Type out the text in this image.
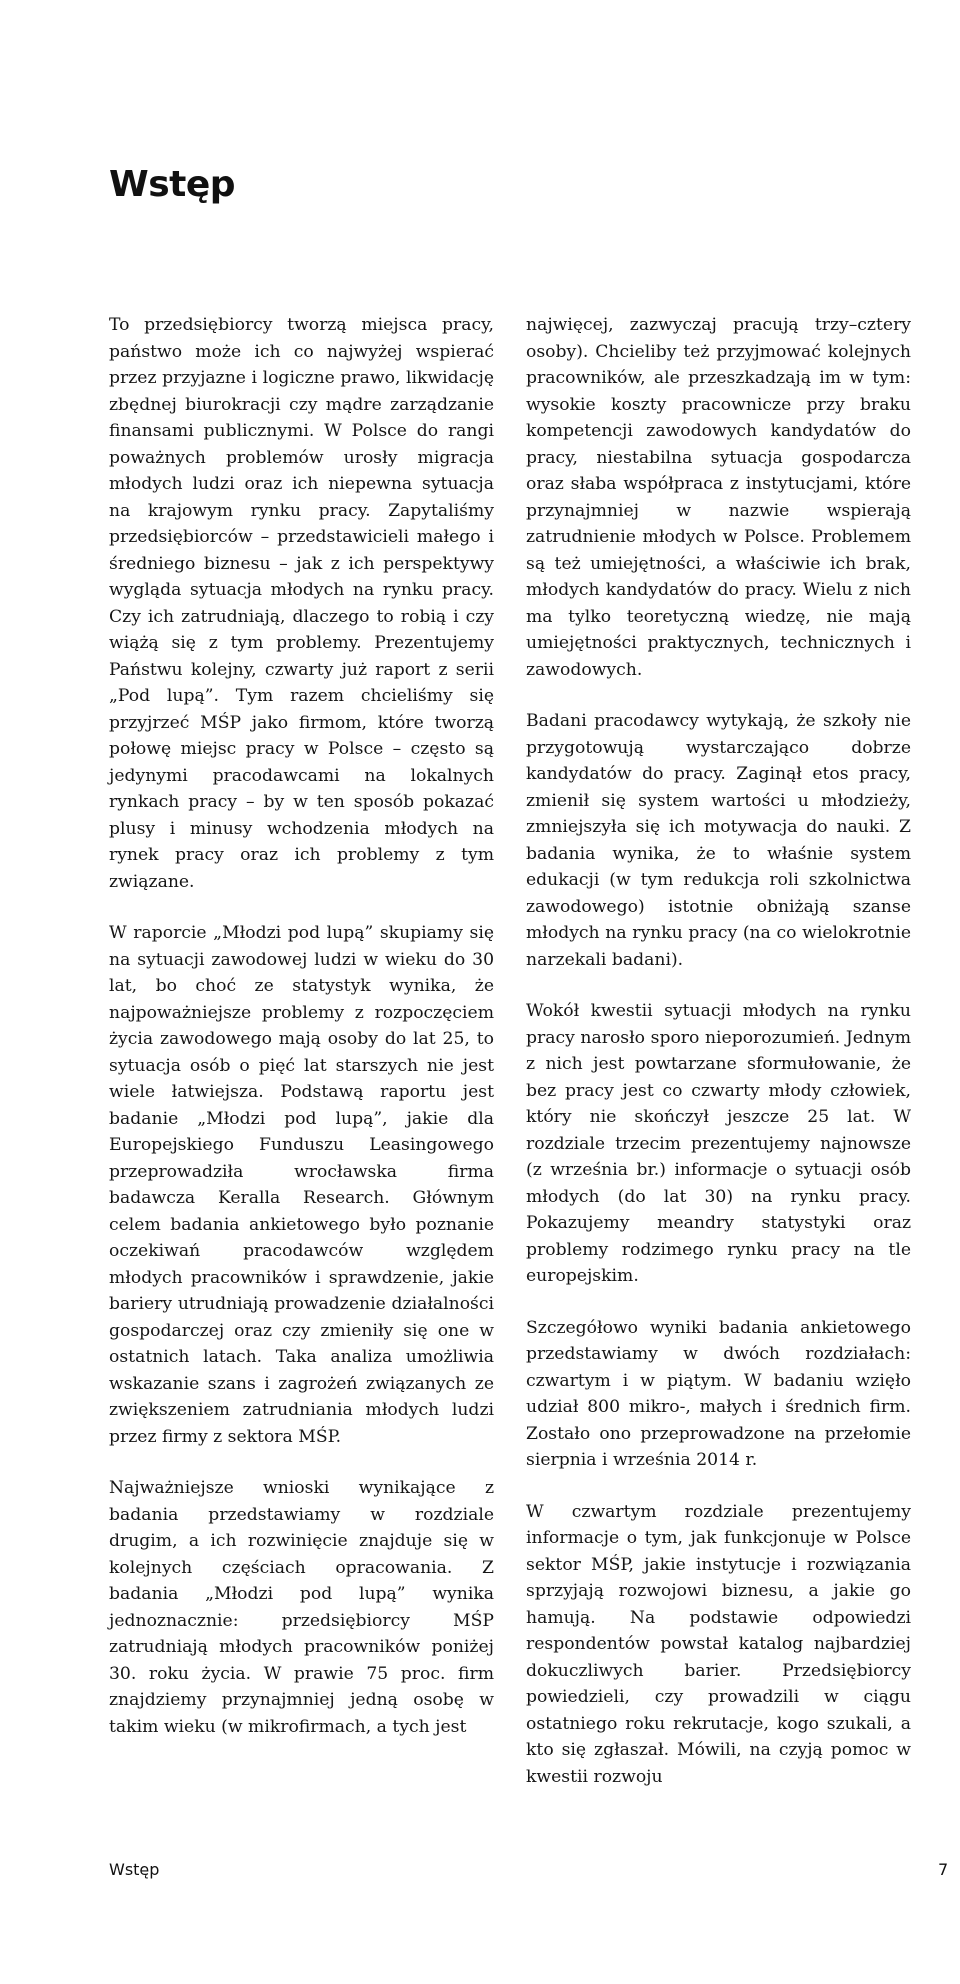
Wstęp

To przedsiębiorcy tworzą miejsca pracy, państwo może ich co najwyżej wspierać przez przyjazne i logiczne prawo, likwidację zbędnej biurokracji czy mądre zarządzanie finansami publicznymi. W Polsce do rangi poważnych problemów urosły migracja młodych ludzi oraz ich niepewna sytuacja na krajowym rynku pracy. Zapytaliśmy przedsiębiorców – przedstawicieli małego i średniego biznesu – jak z ich perspektywy wygląda sytuacja młodych na rynku pracy. Czy ich zatrudniają, dlaczego to robią i czy wiążą się z tym problemy. Prezentujemy Państwu kolejny, czwarty już raport z serii „Pod lupą”. Tym razem chcieliśmy się przyjrzeć MŚP jako firmom, które tworzą połowę miejsc pracy w Polsce – często są jedynymi pracodawcami na lokalnych rynkach pracy – by w ten sposób pokazać plusy i minusy wchodzenia młodych na rynek pracy oraz ich problemy z tym związane.

W raporcie „Młodzi pod lupą” skupiamy się na sytuacji zawodowej ludzi w wieku do 30 lat, bo choć ze statystyk wynika, że najpoważniejsze problemy z rozpoczęciem życia zawodowego mają osoby do lat 25, to sytuacja osób o pięć lat starszych nie jest wiele łatwiejsza. Podstawą raportu jest badanie „Młodzi pod lupą”, jakie dla Europejskiego Funduszu Leasingowego przeprowadziła wrocławska firma badawcza Keralla Research. Głównym celem badania ankietowego było poznanie oczekiwań pracodawców względem młodych pracowników i sprawdzenie, jakie bariery utrudniają prowadzenie działalności gospodarczej oraz czy zmieniły się one w ostatnich latach. Taka analiza umożliwia wskazanie szans i zagrożeń związanych ze zwiększeniem zatrudniania młodych ludzi przez firmy z sektora MŚP.

Najważniejsze wnioski wynikające z badania przedstawiamy w rozdziale drugim, a ich rozwinięcie znajduje się w kolejnych częściach opracowania. Z badania „Młodzi pod lupą” wynika jednoznacznie: przedsiębiorcy MŚP zatrudniają młodych pracowników poniżej 30. roku życia. W prawie 75 proc. firm znajdziemy przynajmniej jedną osobę w takim wieku (w mikrofirmach, a tych jest

najwięcej, zazwyczaj pracują trzy–cztery osoby). Chcieliby też przyjmować kolejnych pracowników, ale przeszkadzają im w tym: wysokie koszty pracownicze przy braku kompetencji zawodowych kandydatów do pracy, niestabilna sytuacja gospodarcza oraz słaba współpraca z instytucjami, które przynajmniej w nazwie wspierają zatrudnienie młodych w Polsce. Problemem są też umiejętności, a właściwie ich brak, młodych kandydatów do pracy. Wielu z nich ma tylko teoretyczną wiedzę, nie mają umiejętności praktycznych, technicznych i zawodowych.

Badani pracodawcy wytykają, że szkoły nie przygotowują wystarczająco dobrze kandydatów do pracy. Zaginął etos pracy, zmienił się system wartości u młodzieży, zmniejszyła się ich motywacja do nauki. Z badania wynika, że to właśnie system edukacji (w tym redukcja roli szkolnictwa zawodowego) istotnie obniżają szanse młodych na rynku pracy (na co wielokrotnie narzekali badani).

Wokół kwestii sytuacji młodych na rynku pracy narosło sporo nieporozumień. Jednym z nich jest powtarzane sformułowanie, że bez pracy jest co czwarty młody człowiek, który nie skończył jeszcze 25 lat. W rozdziale trzecim prezentujemy najnowsze (z września br.) informacje o sytuacji osób młodych (do lat 30) na rynku pracy. Pokazujemy meandry statystyki oraz problemy rodzimego rynku pracy na tle europejskim.

Szczegółowo wyniki badania ankietowego przedstawiamy w dwóch rozdziałach: czwartym i w piątym. W badaniu wzięło udział 800 mikro-, małych i średnich firm. Zostało ono przeprowadzone na przełomie sierpnia i września 2014 r.

W czwartym rozdziale prezentujemy informacje o tym, jak funkcjonuje w Polsce sektor MŚP, jakie instytucje i rozwiązania sprzyjają rozwojowi biznesu, a jakie go hamują. Na podstawie odpowiedzi respondentów powstał katalog najbardziej dokuczliwych barier. Przedsiębiorcy powiedzieli, czy prowadzili w ciągu ostatniego roku rekrutacje, kogo szukali, a kto się zgłaszał. Mówili, na czyją pomoc w kwestii rozwoju

Wstęp	7
